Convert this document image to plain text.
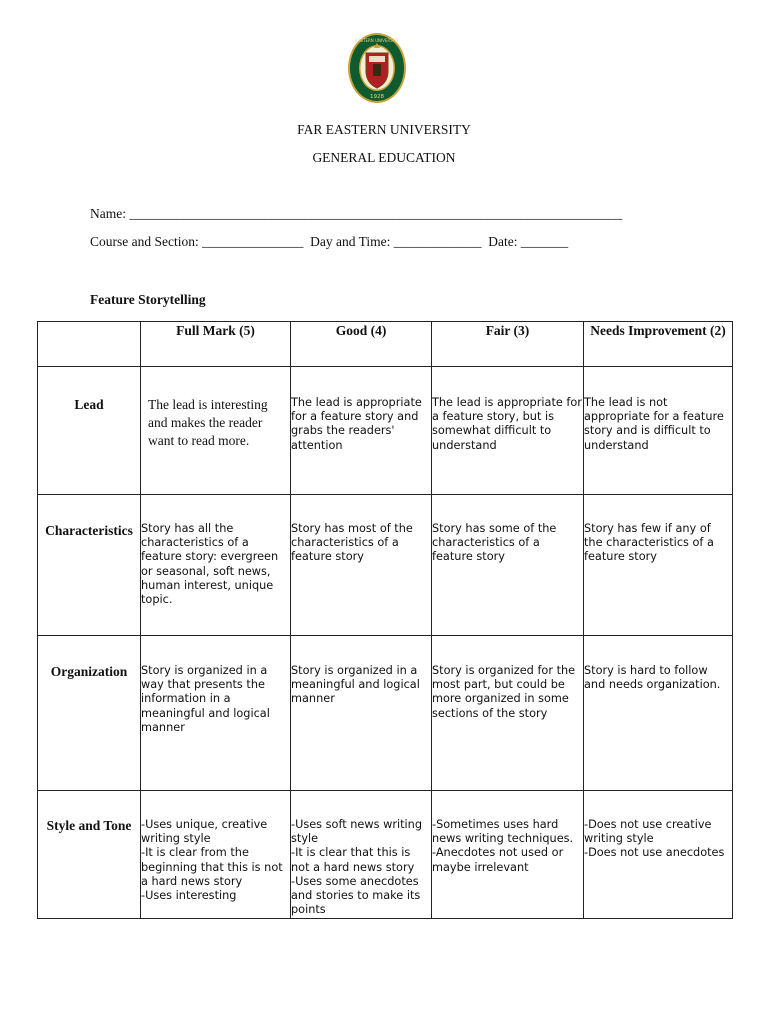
1928
EASTERN UNIVERSITY
FAR EASTERN UNIVERSITY
GENERAL EDUCATION
Name: _________________________________________________________________________
Course and Section: _______________ Day and Time: _____________ Date: _______
Feature Storytelling
	Full Mark (5)	Good (4)	Fair (3)	Needs Improvement (2)
Lead	The lead is interesting and makes the reader want to read more.	The lead is appropriate for a feature story and grabs the readers' attention	The lead is appropriate for a feature story, but is somewhat difficult to understand	The lead is not appropriate for a feature story and is difficult to understand
Characteristics	Story has all the characteristics of a feature story: evergreen or seasonal, soft news, human interest, unique topic.	Story has most of the characteristics of a feature story	Story has some of the characteristics of a feature story	Story has few if any of the characteristics of a feature story
Organization	Story is organized in a way that presents the information in a meaningful and logical manner	Story is organized in a meaningful and logical manner	Story is organized for the most part, but could be more organized in some sections of the story	Story is hard to follow and needs organization.
Style and Tone	-Uses unique, creative writing style
-It is clear from the beginning that this is not a hard news story
-Uses interesting	-Uses soft news writing style
-It is clear that this is not a hard news story
-Uses some anecdotes and stories to make its points	-Sometimes uses hard news writing techniques.
-Anecdotes not used or maybe irrelevant	-Does not use creative writing style
-Does not use anecdotes
